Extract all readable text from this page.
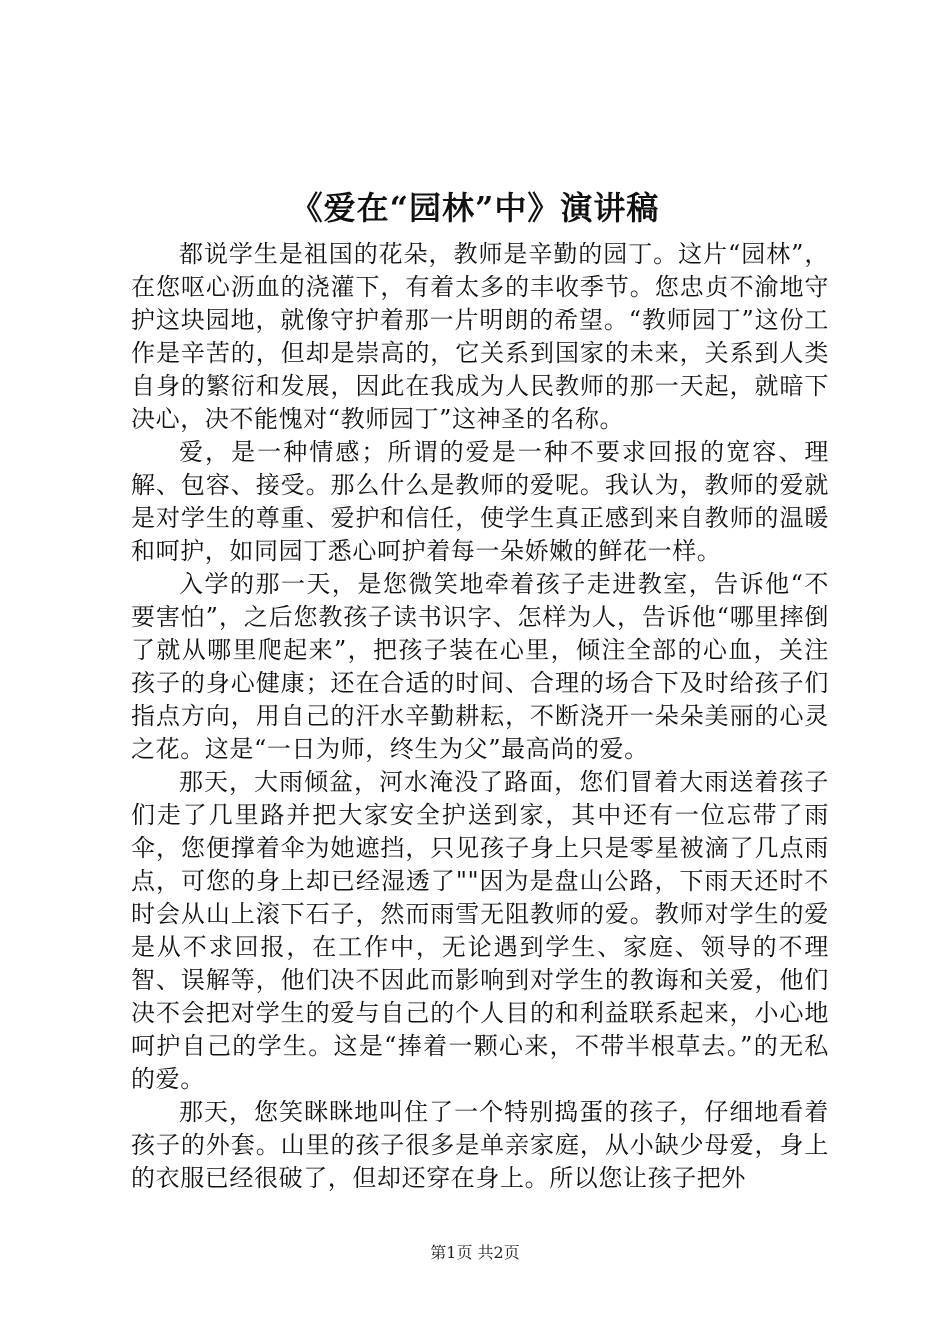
《爱在“园林”中》演讲稿

都说学生是祖国的花朵，教师是辛勤的园丁。这片“园林”，在您呕心沥血的浇灌下，有着太多的丰收季节。您忠贞不渝地守护这块园地，就像守护着那一片明朗的希望。“教师园丁”这份工作是辛苦的，但却是崇高的，它关系到国家的未来，关系到人类自身的繁衍和发展，因此在我成为人民教师的那一天起，就暗下决心，决不能愧对“教师园丁”这神圣的名称。

爱，是一种情感；所谓的爱是一种不要求回报的宽容、理解、包容、接受。那么什么是教师的爱呢。我认为，教师的爱就是对学生的尊重、爱护和信任，使学生真正感到来自教师的温暖和呵护，如同园丁悉心呵护着每一朵娇嫩的鲜花一样。

入学的那一天，是您微笑地牵着孩子走进教室，告诉他“不要害怕”，之后您教孩子读书识字、怎样为人，告诉他“哪里摔倒了就从哪里爬起来”，把孩子装在心里，倾注全部的心血，关注孩子的身心健康；还在合适的时间、合理的场合下及时给孩子们指点方向，用自己的汗水辛勤耕耘，不断浇开一朵朵美丽的心灵之花。这是“一日为师，终生为父”最高尚的爱。

那天，大雨倾盆，河水淹没了路面，您们冒着大雨送着孩子们走了几里路并把大家安全护送到家，其中还有一位忘带了雨伞，您便撑着伞为她遮挡，只见孩子身上只是零星被滴了几点雨点，可您的身上却已经湿透了""因为是盘山公路，下雨天还时不时会从山上滚下石子，然而雨雪无阻教师的爱。教师对学生的爱是从不求回报，在工作中，无论遇到学生、家庭、领导的不理智、误解等，他们决不因此而影响到对学生的教诲和关爱，他们决不会把对学生的爱与自己的个人目的和利益联系起来，小心地呵护自己的学生。这是“捧着一颗心来，不带半根草去。”的无私的爱。

那天，您笑眯眯地叫住了一个特别捣蛋的孩子，仔细地看着孩子的外套。山里的孩子很多是单亲家庭，从小缺少母爱，身上的衣服已经很破了，但却还穿在身上。所以您让孩子把外

第1页 共2页
